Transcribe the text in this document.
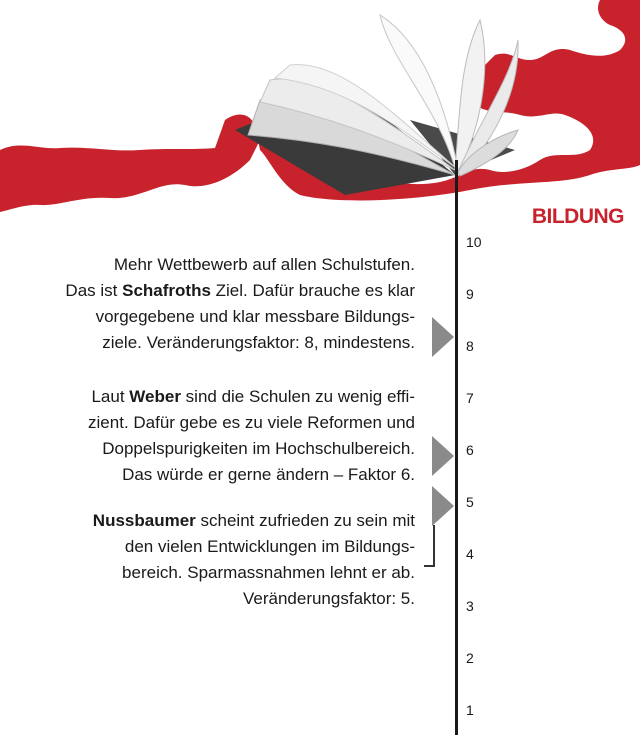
BILDUNG
10
9
8
7
6
5
4
3
2
1
Mehr Wettbewerb auf allen Schulstufen.
Das ist Schafroths Ziel. Dafür brauche es klar
vorgegebene und klar messbare Bildungs-
ziele. Veränderungsfaktor: 8, mindestens.
Laut Weber sind die Schulen zu wenig effi-
zient. Dafür gebe es zu viele Reformen und
Doppelspurigkeiten im Hochschulbereich.
Das würde er gerne ändern – Faktor 6.
Nussbaumer scheint zufrieden zu sein mit
den vielen Entwicklungen im Bildungs-
bereich. Sparmassnahmen lehnt er ab.
Veränderungsfaktor: 5.
